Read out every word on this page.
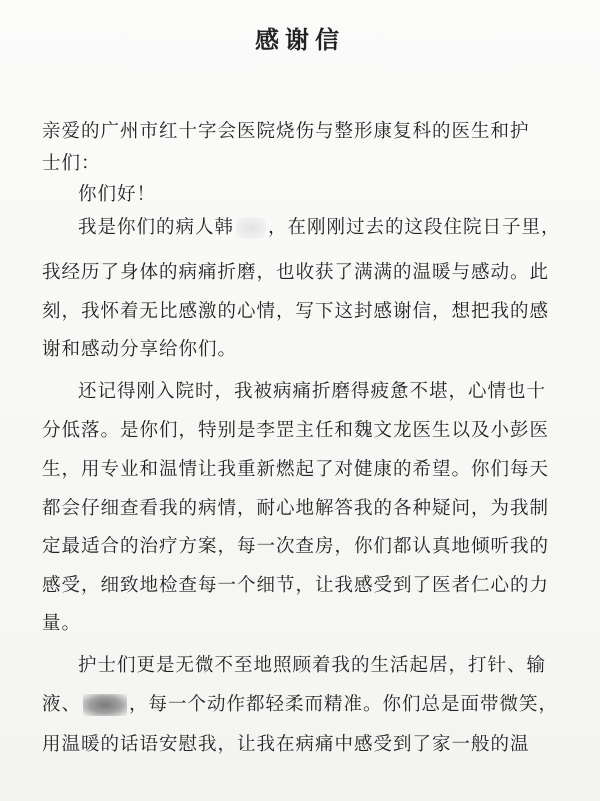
感谢信
亲爱的广州市红十字会医院烧伤与整形康复科的医生和护
士们：
你们好！
我是你们的病人韩 ，在刚刚过去的这段住院日子里，
我经历了身体的病痛折磨，也收获了满满的温暖与感动。此
刻，我怀着无比感激的心情，写下这封感谢信，想把我的感
谢和感动分享给你们。
还记得刚入院时，我被病痛折磨得疲惫不堪，心情也十
分低落。是你们，特别是李罡主任和魏文龙医生以及小彭医
生，用专业和温情让我重新燃起了对健康的希望。你们每天
都会仔细查看我的病情，耐心地解答我的各种疑问，为我制
定最适合的治疗方案，每一次查房，你们都认真地倾听我的
感受，细致地检查每一个细节，让我感受到了医者仁心的力
量。
护士们更是无微不至地照顾着我的生活起居，打针、输
液、	，每一个动作都轻柔而精准。你们总是面带微笑，
用温暖的话语安慰我，让我在病痛中感受到了家一般的温
